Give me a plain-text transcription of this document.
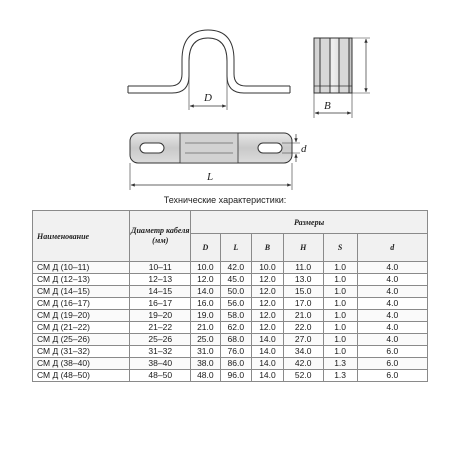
D
B
d
L
Технические характеристики:
Наименование	Диаметр кабеля (мм)	Размеры					
		D	L	B	H	S	d
СМ Д (10–11)	10–11	10.0	42.0	10.0	11.0	1.0	4.0
СМ Д (12–13)	12–13	12.0	45.0	12.0	13.0	1.0	4.0
СМ Д (14–15)	14–15	14.0	50.0	12.0	15.0	1.0	4.0
СМ Д (16–17)	16–17	16.0	56.0	12.0	17.0	1.0	4.0
СМ Д (19–20)	19–20	19.0	58.0	12.0	21.0	1.0	4.0
СМ Д (21–22)	21–22	21.0	62.0	12.0	22.0	1.0	4.0
СМ Д (25–26)	25–26	25.0	68.0	14.0	27.0	1.0	4.0
СМ Д (31–32)	31–32	31.0	76.0	14.0	34.0	1.0	6.0
СМ Д (38–40)	38–40	38.0	86.0	14.0	42.0	1.3	6.0
СМ Д (48–50)	48–50	48.0	96.0	14.0	52.0	1.3	6.0
